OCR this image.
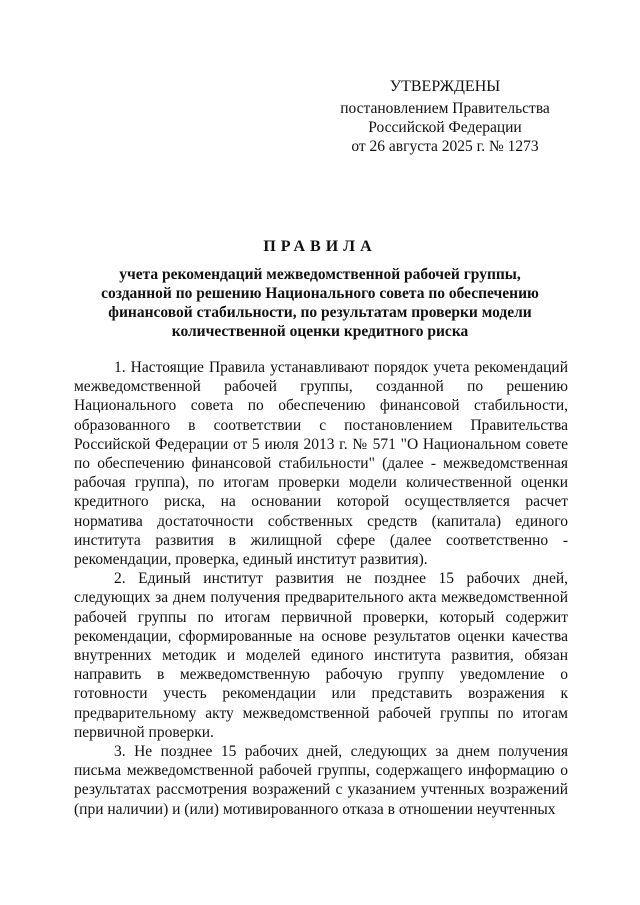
УТВЕРЖДЕНЫ
постановлением Правительства
Российской Федерации
от 26 августа 2025 г. № 1273
ПРАВИЛА
учета рекомендаций межведомственной рабочей группы,
созданной по решению Национального совета по обеспечению
финансовой стабильности, по результатам проверки модели
количественной оценки кредитного риска

1. Настоящие Правила устанавливают порядок учета рекомендаций межведомственной рабочей группы, созданной по решению Национального совета по обеспечению финансовой стабильности, образованного в соответствии с постановлением Правительства Российской Федерации от 5 июля 2013 г. № 571 "О Национальном совете по обеспечению финансовой стабильности" (далее - межведомственная рабочая группа), по итогам проверки модели количественной оценки кредитного риска, на основании которой осуществляется расчет норматива достаточности собственных средств (капитала) единого института развития в жилищной сфере (далее соответственно - рекомендации, проверка, единый институт развития).

2. Единый институт развития не позднее 15 рабочих дней, следующих за днем получения предварительного акта межведомственной рабочей группы по итогам первичной проверки, который содержит рекомендации, сформированные на основе результатов оценки качества внутренних методик и моделей единого института развития, обязан направить в межведомственную рабочую группу уведомление о готовности учесть рекомендации или представить возражения к предварительному акту межведомственной рабочей группы по итогам первичной проверки.

3. Не позднее 15 рабочих дней, следующих за днем получения письма межведомственной рабочей группы, содержащего информацию о результатах рассмотрения возражений с указанием учтенных возражений (при наличии) и (или) мотивированного отказа в отношении неучтенных
